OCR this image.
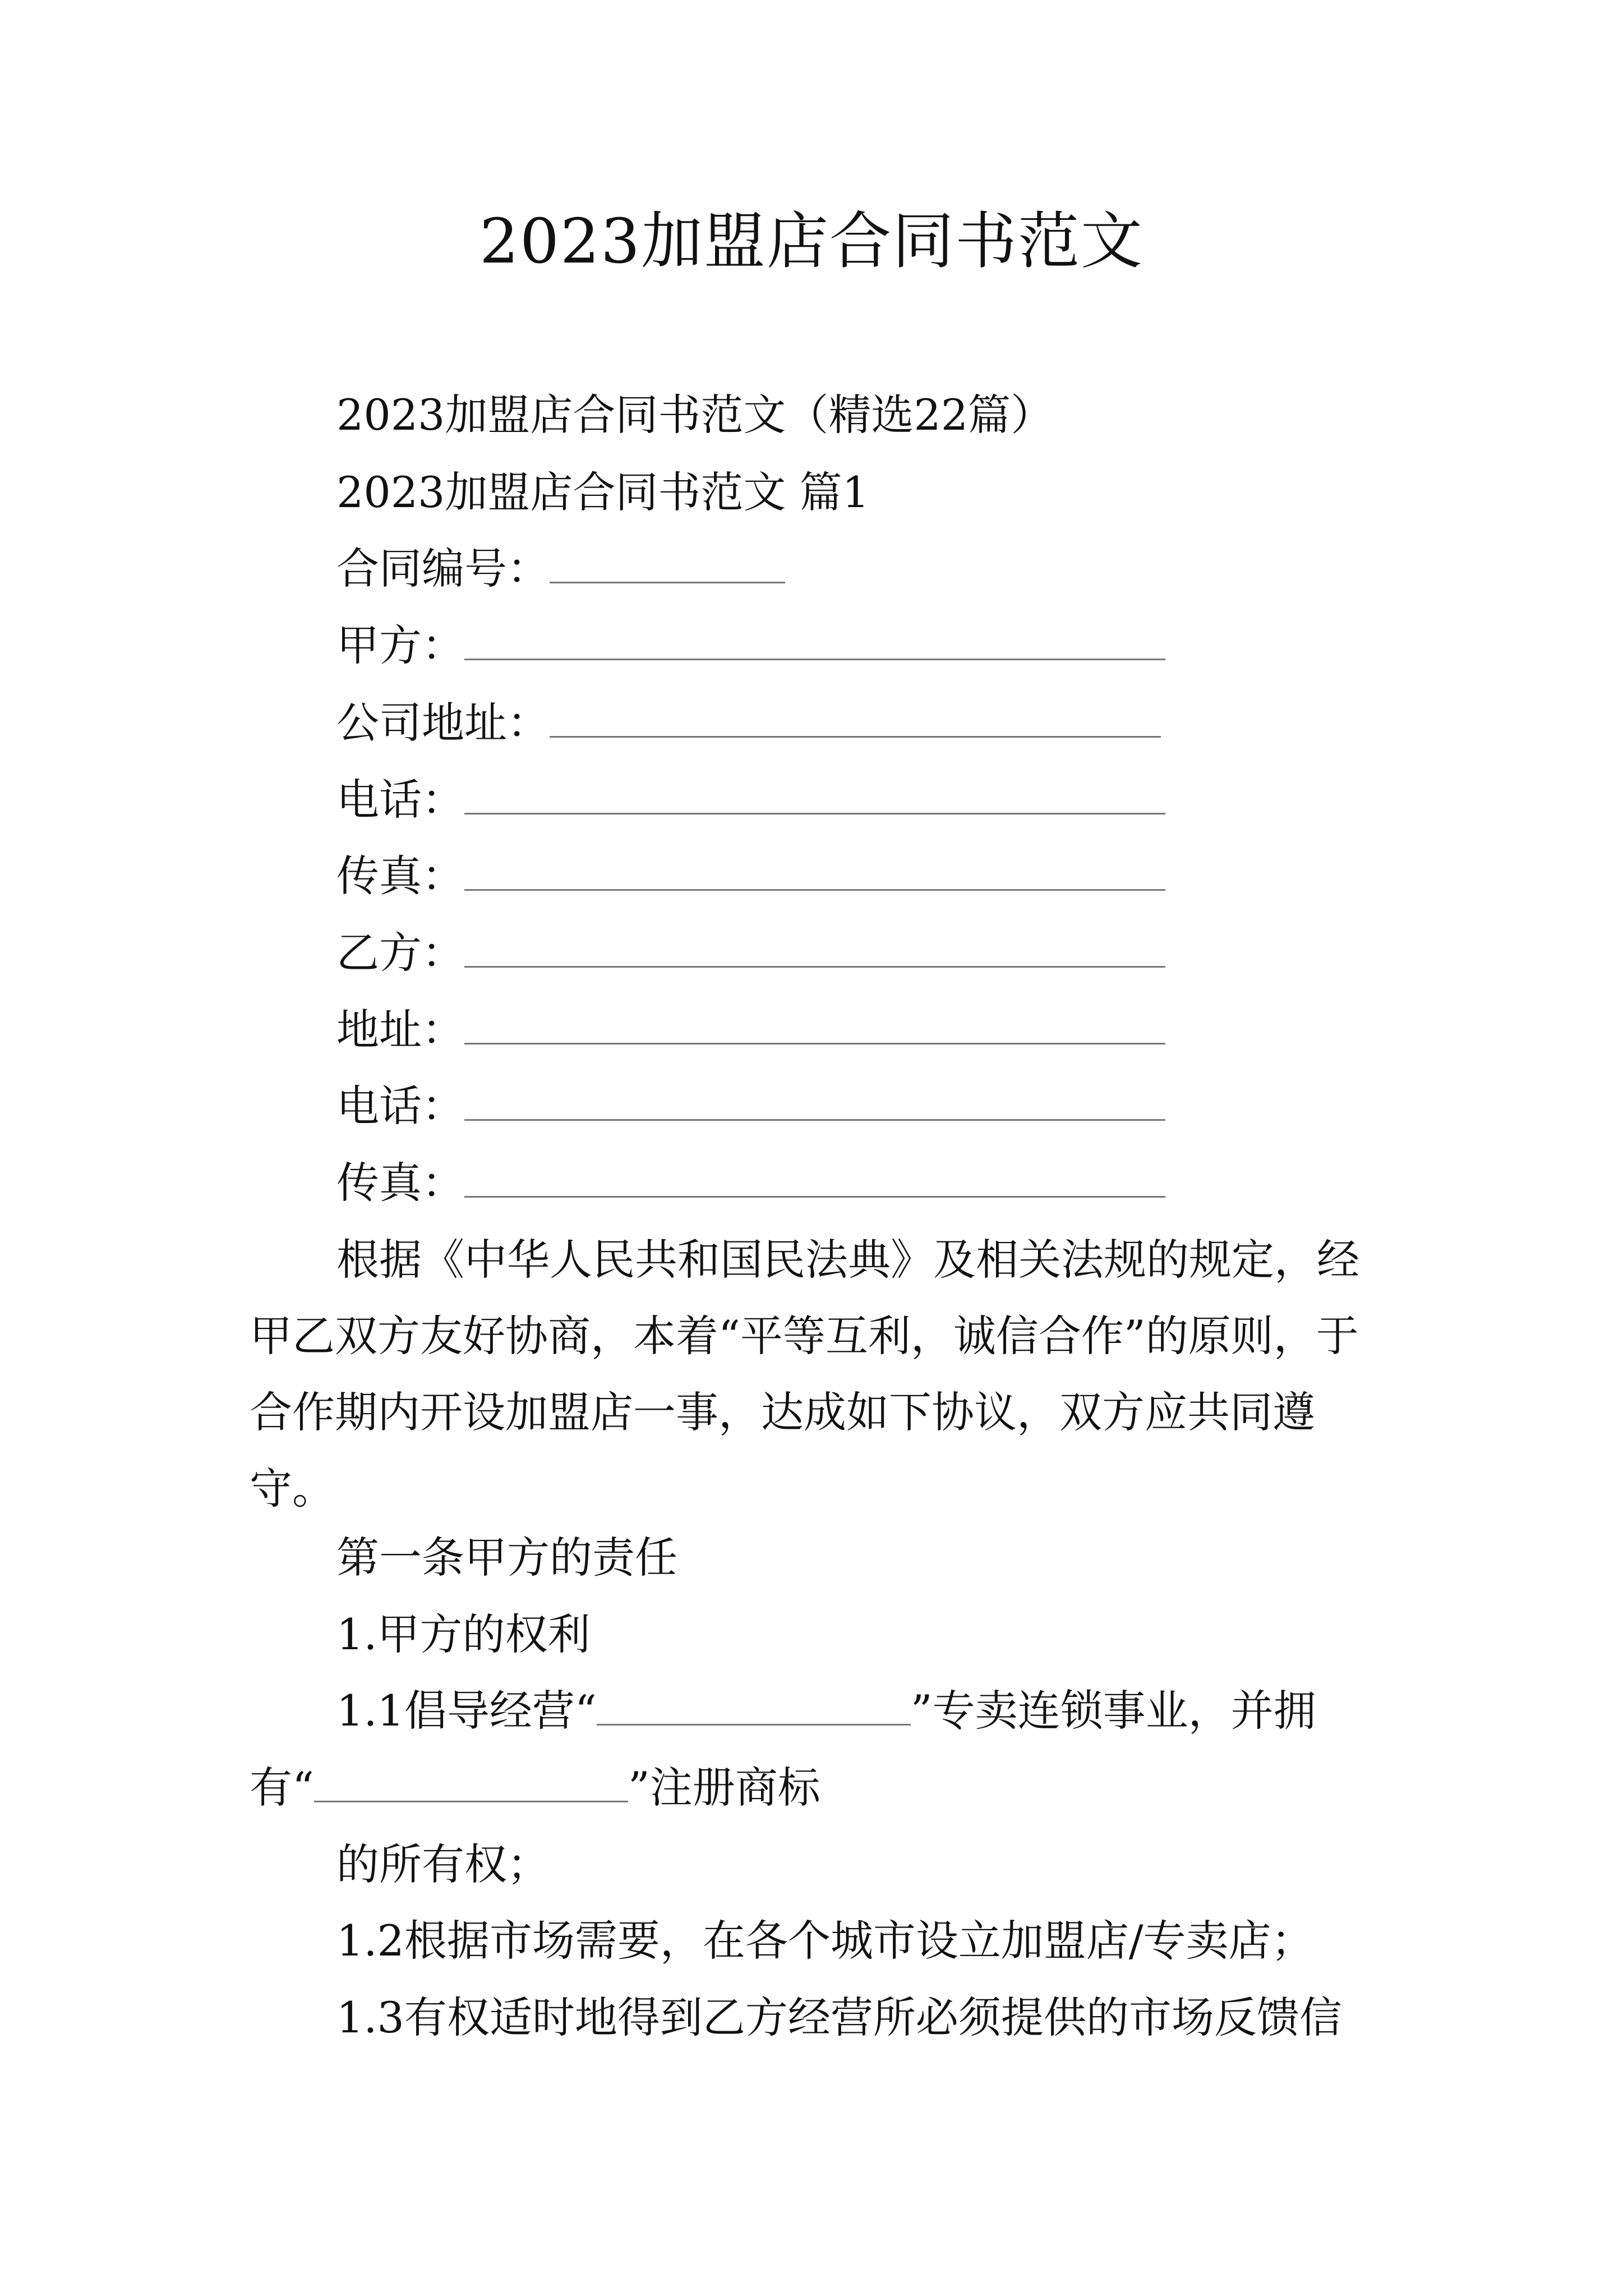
2023加盟店合同书范文
2023加盟店合同书范文（精选22篇）
2023加盟店合同书范文 篇1
合同编号：
甲方：
公司地址：
电话：
传真：
乙方：
地址：
电话：
传真：
根据《中华人民共和国民法典》及相关法规的规定，经甲乙双方友好协商，本着“平等互利，诚信合作”的原则，于合作期内开设加盟店一事，达成如下协议，双方应共同遵守。
第一条甲方的责任
1.甲方的权利
1.1倡导经营“	”专卖连锁事业，并拥
有“	”注册商标
的所有权；
1.2根据市场需要，在各个城市设立加盟店/专卖店；
1.3有权适时地得到乙方经营所必须提供的市场反馈信
